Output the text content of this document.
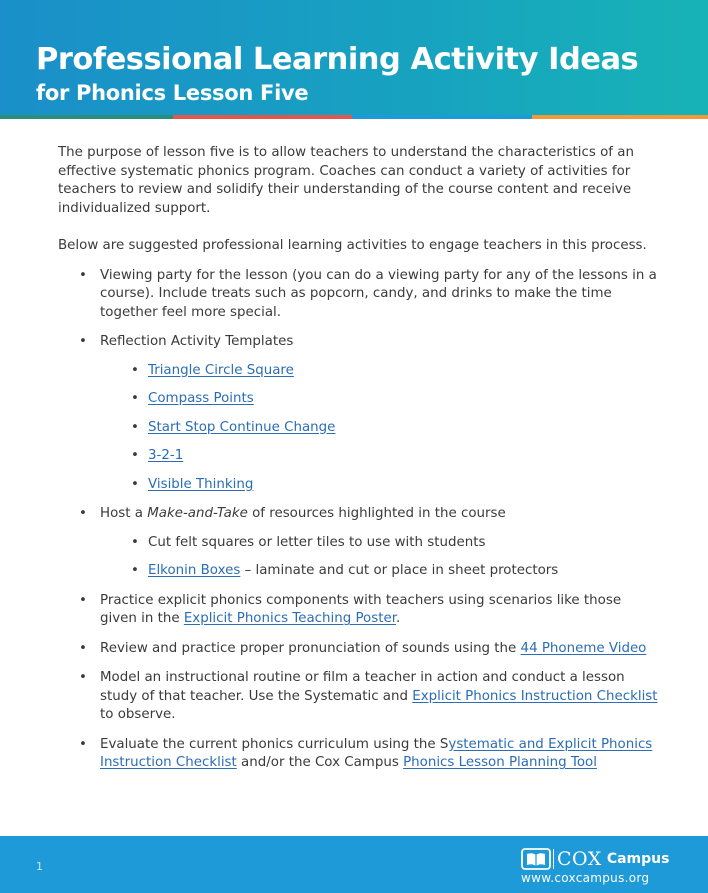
Professional Learning Activity Ideas
for Phonics Lesson Five

The purpose of lesson five is to allow teachers to understand the characteristics of an effective systematic phonics program. Coaches can conduct a variety of activities for teachers to review and solidify their understanding of the course content and receive individualized support.

Below are suggested professional learning activities to engage teachers in this process.

• Viewing party for the lesson (you can do a viewing party for any of the lessons in a course). Include treats such as popcorn, candy, and drinks to make the time together feel more special.
• Reflection Activity Templates
• Triangle Circle Square
• Compass Points
• Start Stop Continue Change
• 3-2-1
• Visible Thinking
• Host a Make-and-Take of resources highlighted in the course
• Cut felt squares or letter tiles to use with students
• Elkonin Boxes – laminate and cut or place in sheet protectors
• Practice explicit phonics components with teachers using scenarios like those given in the Explicit Phonics Teaching Poster.
• Review and practice proper pronunciation of sounds using the 44 Phoneme Video
• Model an instructional routine or film a teacher in action and conduct a lesson study of that teacher. Use the Systematic and Explicit Phonics Instruction Checklist to observe.
• Evaluate the current phonics curriculum using the Systematic and Explicit Phonics Instruction Checklist and/or the Cox Campus Phonics Lesson Planning Tool
1	COX Campus
www.coxcampus.org
